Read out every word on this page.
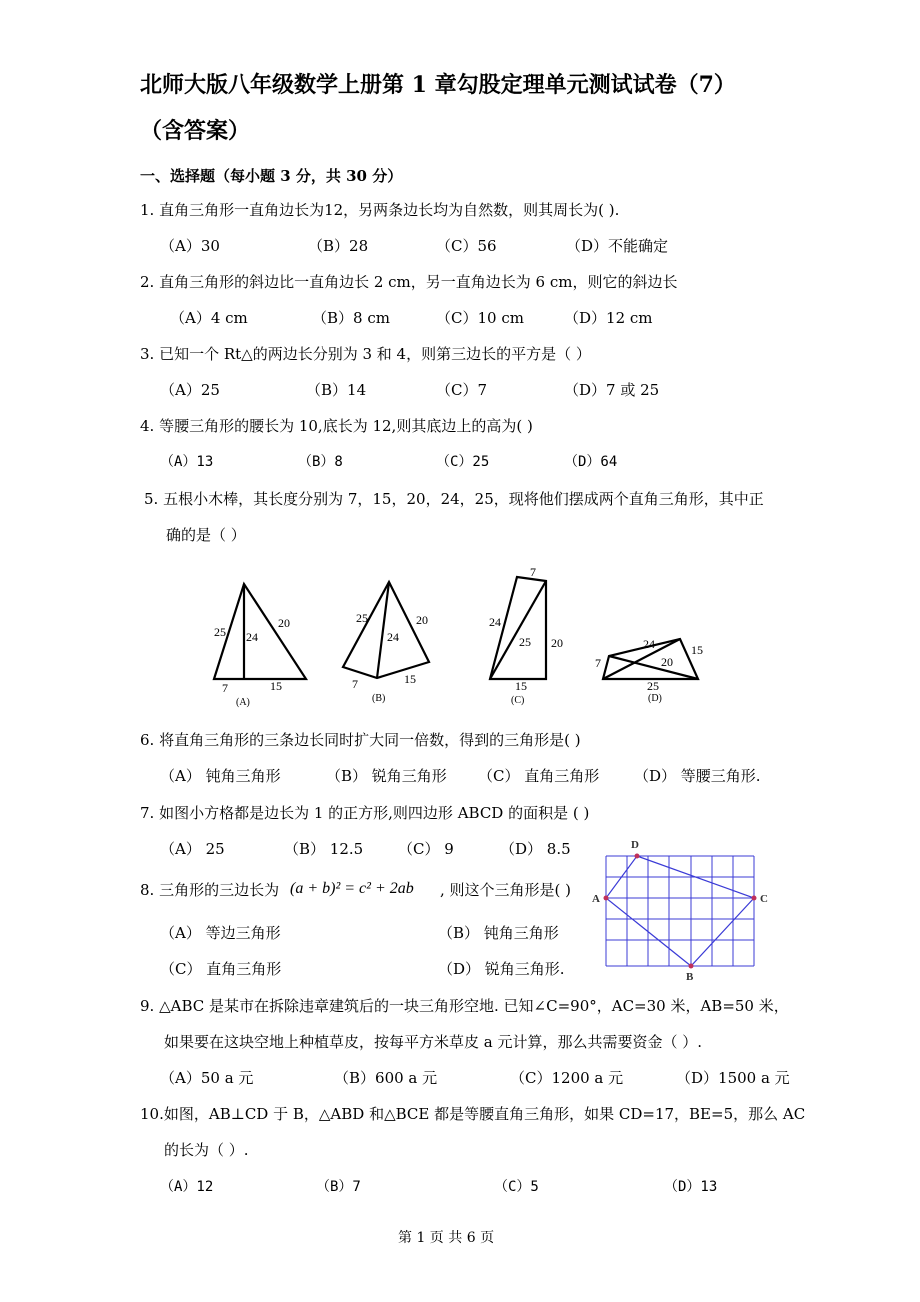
北师大版八年级数学上册第 1 章勾股定理单元测试试卷（7）
（含答案）
一、选择题（每小题 3 分，共 30 分）
1. 直角三角形一直角边长为12，另两条边长均为自然数，则其周长为( ).
（A）30	（B）28	（C）56	（D）不能确定
2. 直角三角形的斜边比一直角边长 2 cm，另一直角边长为 6 cm，则它的斜边长
（A）4 cm	（B）8 cm	（C）10 cm	（D）12 cm
3. 已知一个 Rt△的两边长分别为 3 和 4，则第三边长的平方是（ ）
（A）25	（B）14	（C）7	（D）7 或 25
4. 等腰三角形的腰长为 10,底长为 12,则其底边上的高为( )
（A）13	（B）8	（C）25	（D）64
5. 五根小木棒，其长度分别为 7，15，20，24，25，现将他们摆成两个直角三角形，其中正
确的是（ ）
25 24
20
7	15
(A)
25
24
20
7	15
(B)
7
24
25 20
15
(C)
24	15
7	20
25
(D)
6. 将直角三角形的三条边长同时扩大同一倍数，得到的三角形是( )
（A） 钝角三角形	（B） 锐角三角形 （C） 直角三角形 （D） 等腰三角形.
7. 如图小方格都是边长为 1 的正方形,则四边形 ABCD 的面积是 ( )
（A） 25	（B） 12.5 （C） 9	（D） 8.5	D
A	C
B
8. 三角形的三边长为 (a + b)² = c² + 2ab , 则这个三角形是( )
（A） 等边三角形	（B） 钝角三角形
（C） 直角三角形	（D） 锐角三角形.
9. △ABC 是某市在拆除违章建筑后的一块三角形空地. 已知∠C=90°，AC=30 米，AB=50 米，
如果要在这块空地上种植草皮，按每平方米草皮 a 元计算，那么共需要资金（ ）.
（A）50 a 元	（B）600 a 元	（C）1200 a 元	（D）1500 a 元
10.如图，AB⊥CD 于 B，△ABD 和△BCE 都是等腰直角三角形，如果 CD=17，BE=5，那么 AC
的长为（ ）.
（A）12	（B）7	（C）5	（D）13
第 1 页 共 6 页
